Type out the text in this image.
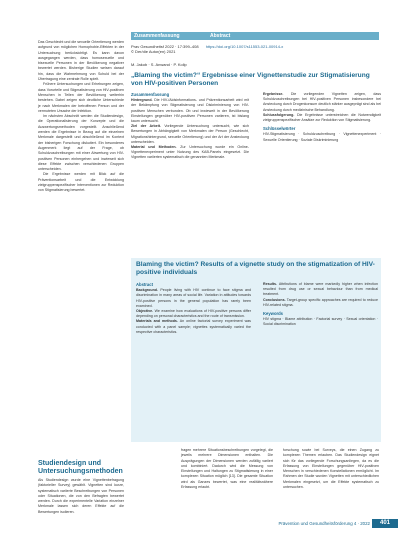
Das Geschlecht und die sexuelle Orientierung werden aufgrund von möglichen Homophobie-Effekten in der Untersuchung berücksichtigt. Es kann davon ausgegangen werden, dass homosexuelle und bisexuelle Personen in der Bevölkerung negativer bewertet werden. Bisherige Studien weisen darauf hin, dass die Wahrnehmung von Schuld bei der Übertragung eine zentrale Rolle spielt.

Frühere Untersuchungen und Erhebungen zeigen, dass Vorurteile und Stigmatisierung von HIV-positiven Menschen in Teilen der Bevölkerung weiterhin bestehen. Dabei zeigen sich deutliche Unterschiede je nach Merkmalen der betroffenen Person und der vermuteten Ursache der Infektion.

Im nächsten Abschnitt werden die Studiendesign, die Operationalisierung der Konzepte und die Auswertungsmethoden vorgestellt. Anschließend werden die Ergebnisse in Bezug auf die einzelnen Merkmale dargestellt und abschließend im Kontext der bisherigen Forschung diskutiert. Ein besonderes Augenmerk liegt auf der Frage, ob Schuldzuschreibungen mit einer Abwertung von HIV-positiven Personen einhergehen und inwieweit sich diese Effekte zwischen verschiedenen Gruppen unterscheiden.

Die Ergebnisse werden mit Blick auf die Präventionsarbeit und die Entwicklung zielgruppenspezifischer Interventionen zur Reduktion von Stigmatisierung bewertet.

Studiendesign und Untersuchungsmethoden
Als Studiendesign wurde eine Vignettenbefragung (faktorieller Survey) gewählt. Vignetten sind kurze, systematisch variierte Beschreibungen von Personen oder Situationen, die von den Befragten bewertet werden. Durch die experimentelle Variation einzelner Merkmale lassen sich deren Effekte auf die Bewertungen isolieren.
Zusammenfassung	Abstract
Prav Gesundheitsf 2022 · 17:399–408 https://doi.org/10.1007/s11553-021-00914-x
© Der/die Autor(en) 2021
M. Jakob · S. Anwand · P. Kolip
„Blaming the victim?“ Ergebnisse einer Vignettenstudie zur Stigmatisierung von HIV-positiven Personen
Zusammenfassung
Hintergrund. Die HIV-/Aidsinformations- und Präventionsarbeit wird mit der Bekämpfung von Stigmatisierung und Diskriminierung von HIV-positiven Menschen verbunden. Ob und inwieweit in der Bevölkerung Einstellungen gegenüber HIV-positiven Personen variieren, ist bislang kaum untersucht.
Ziel der Arbeit. Vorliegende Untersuchung untersucht, wie sich Bewertungen in Abhängigkeit von Merkmalen der Person (Geschlecht, Migrationshintergrund, sexuelle Orientierung) und der Art der Ansteckung unterscheiden.
Material und Methoden. Zur Untersuchung wurde ein Online-Vignettenexperiment unter Nutzung des KAB-Panels eingesetzt. Die Vignetten variierten systematisch die genannten Merkmale.
Ergebnisse. Die vorliegenden Vignetten zeigen, dass Schuldzuschreibungen bei HIV-positiven Personen insbesondere bei Ansteckung durch Drogenkonsum deutlich stärker ausgeprägt sind als bei Ansteckung durch medizinische Behandlung.
Schlussfolgerung. Die Ergebnisse unterstreichen die Notwendigkeit zielgruppenspezifischer Ansätze zur Reduktion von Stigmatisierung.
Schlüsselwörter
HIV-Stigmatisierung · Schuldzuschreibung · Vignettenexperiment · Sexuelle Orientierung · Soziale Diskriminierung
Blaming the victim? Results of a vignette study on the stigmatization of HIV-positive individuals
Abstract
Background. People living with HIV continue to face stigma and discrimination in many areas of social life. Variation in attitudes towards HIV-positive persons in the general population has rarely been examined.
Objective. We examine how evaluations of HIV-positive persons differ depending on personal characteristics and the route of transmission.
Materials and methods. An online factorial survey experiment was conducted with a panel sample; vignettes systematically varied the respective characteristics.
Results. Attributions of blame were markedly higher when infection resulted from drug use or sexual behaviour than from medical treatment.
Conclusions. Target-group specific approaches are required to reduce HIV-related stigma.
Keywords
HIV stigma · Blame attribution · Factorial survey · Sexual orientation · Social discrimination
fragen mehrere Situationsbeschreibungen vorgelegt, die jeweils mehrere Dimensionen enthalten. Die Ausprägungen der Dimensionen werden zufällig variiert und kombiniert. Dadurch wird die Messung von Einstellungen und Haltungen zu Stigmatisierung in einer komplexen Situation möglich [13]. Die gesamte Situation wird als Ganzes bewertet, was eine realitätsnähere Erfassung erlaubt.
forschung sowie bei Surveys, die einen Zugang zu komplexen Themen erlauben. Das Studiendesign eignet sich für das vorliegende Forschungsanliegen, da es die Erfassung von Einstellungen gegenüber HIV-positiven Menschen in verschiedenen Konstellationen ermöglicht. Im Rahmen der Studie wurden Vignetten mit unterschiedlichen Merkmalen eingesetzt, um die Effekte systematisch zu untersuchen.
Prävention und Gesundheitsförderung 4 · 2022	401
